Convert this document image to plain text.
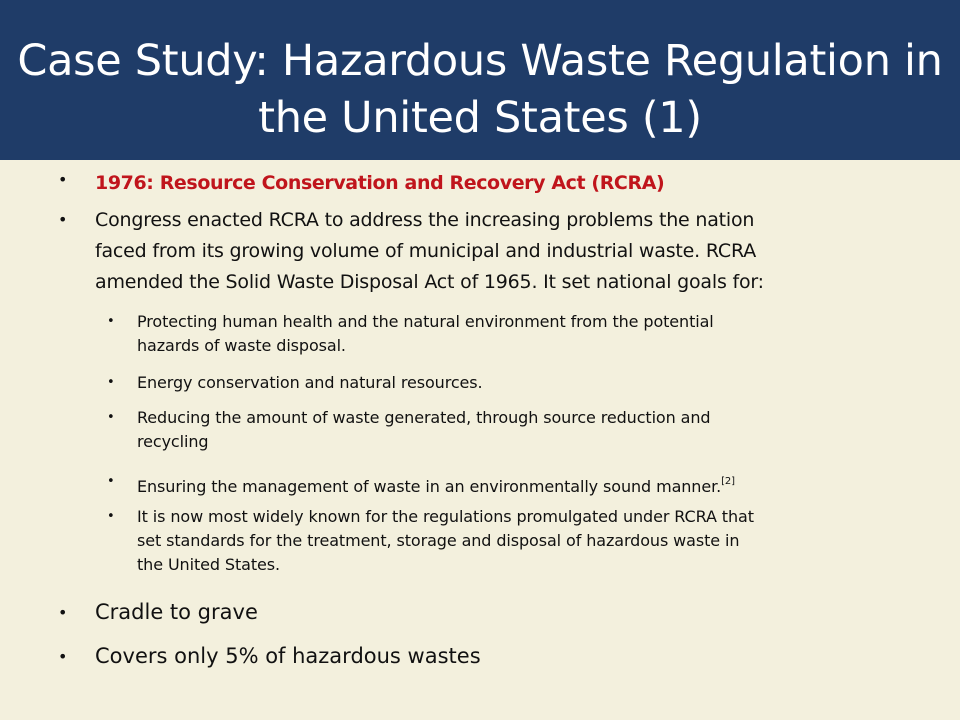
Case Study: Hazardous Waste Regulation in
the United States (1)
• 1976: Resource Conservation and Recovery Act (RCRA)
• Congress enacted RCRA to address the increasing problems the nation
faced from its growing volume of municipal and industrial waste. RCRA
amended the Solid Waste Disposal Act of 1965. It set national goals for:
• Protecting human health and the natural environment from the potential
hazards of waste disposal.
• Energy conservation and natural resources.
• Reducing the amount of waste generated, through source reduction and
recycling
• Ensuring the management of waste in an environmentally sound manner.[2]
• It is now most widely known for the regulations promulgated under RCRA that
set standards for the treatment, storage and disposal of hazardous waste in
the United States.
• Cradle to grave
• Covers only 5% of hazardous wastes
